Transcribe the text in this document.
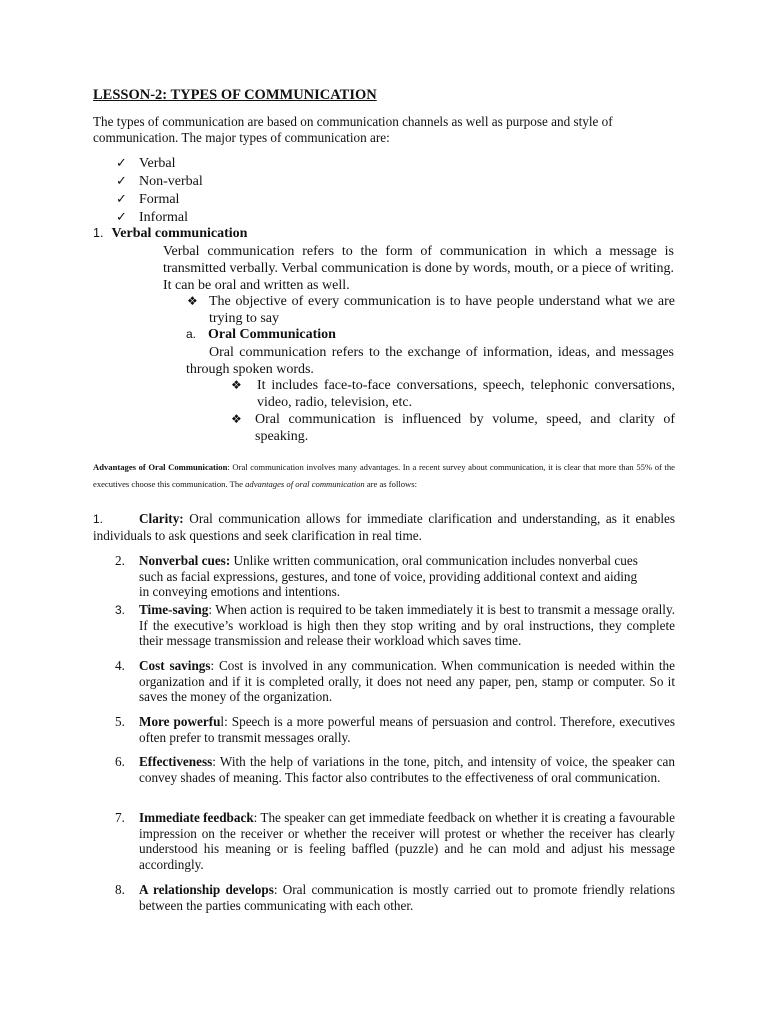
LESSON-2: TYPES OF COMMUNICATION
The types of communication are based on communication channels as well as purpose and style of communication. The major types of communication are:
✓ Verbal
✓ Non-verbal
✓ Formal
✓ Informal
1. Verbal communication
Verbal communication refers to the form of communication in which a message is transmitted verbally. Verbal communication is done by words, mouth, or a piece of writing. It can be oral and written as well.
❖ The objective of every communication is to have people understand what we are trying to say
a. Oral Communication
Oral communication refers to the exchange of information, ideas, and messages through spoken words.
❖	It includes face-to-face conversations, speech, telephonic conversations, video, radio, television, etc.
❖ Oral communication is influenced by volume, speed, and clarity of speaking.
Advantages of Oral Communication: Oral communication involves many advantages. In a recent survey about communication, it is clear that more than 55% of the executives choose this communication. The advantages of oral communication are as follows:
1.	Clarity: Oral communication allows for immediate clarification and understanding, as it enables individuals to ask questions and seek clarification in real time.
2.	Nonverbal cues: Unlike written communication, oral communication includes nonverbal cues such as facial expressions, gestures, and tone of voice, providing additional context and aiding in conveying emotions and intentions.
3.	Time-saving: When action is required to be taken immediately it is best to transmit a message orally. If the executive’s workload is high then they stop writing and by oral instructions, they complete their message transmission and release their workload which saves time.
4.	Cost savings: Cost is involved in any communication. When communication is needed within the organization and if it is completed orally, it does not need any paper, pen, stamp or computer. So it saves the money of the organization.
5.	More powerful: Speech is a more powerful means of persuasion and control. Therefore, executives often prefer to transmit messages orally.
6.	Effectiveness: With the help of variations in the tone, pitch, and intensity of voice, the speaker can convey shades of meaning. This factor also contributes to the effectiveness of oral communication.
7.	Immediate feedback: The speaker can get immediate feedback on whether it is creating a favourable impression on the receiver or whether the receiver will protest or whether the receiver has clearly understood his meaning or is feeling baffled (puzzle) and he can mold and adjust his message accordingly.
8.	A relationship develops: Oral communication is mostly carried out to promote friendly relations between the parties communicating with each other.
